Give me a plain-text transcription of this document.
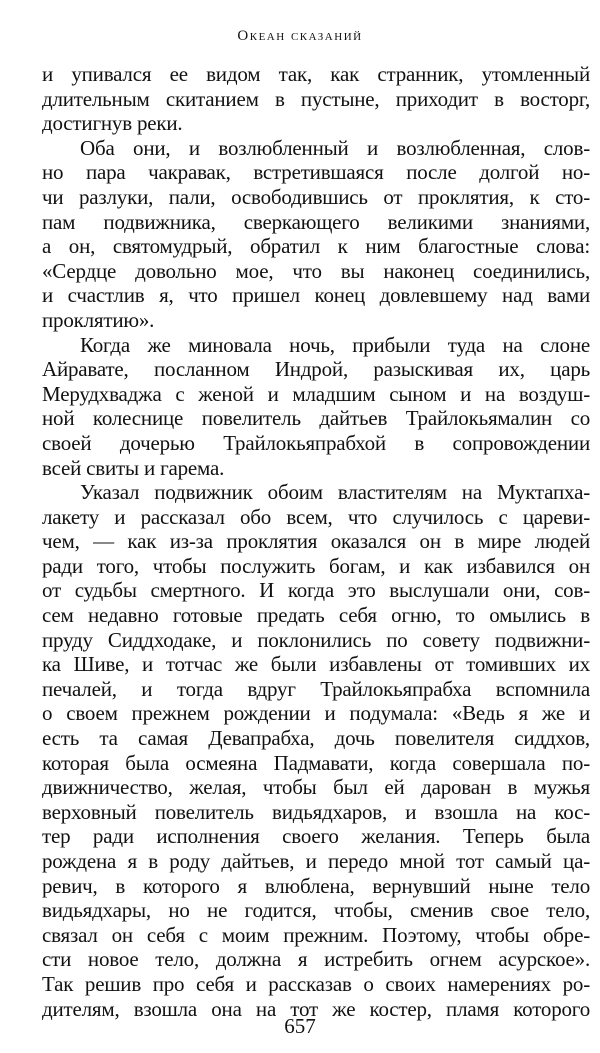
Океан сказаний
и упивался ее видом так, как странник, утомленный
длительным скитанием в пустыне, приходит в восторг,
достигнув реки.
Оба они, и возлюбленный и возлюбленная, слов-
но пара чакравак, встретившаяся после долгой но-
чи разлуки, пали, освободившись от проклятия, к сто-
пам подвижника, сверкающего великими знаниями,
а он, святомудрый, обратил к ним благостные слова:
«Сердце довольно мое, что вы наконец соединились,
и счастлив я, что пришел конец довлевшему над вами
проклятию».
Когда же миновала ночь, прибыли туда на слоне
Айравате, посланном Индрой, разыскивая их, царь
Мерудхваджа с женой и младшим сыном и на воздуш-
ной колеснице повелитель дайтьев Трайлокьямалин со
своей дочерью Трайлокьяпрабхой в сопровождении
всей свиты и гарема.
Указал подвижник обоим властителям на Муктапха-
лакету и рассказал обо всем, что случилось с цареви-
чем, — как из-за проклятия оказался он в мире людей
ради того, чтобы послужить богам, и как избавился он
от судьбы смертного. И когда это выслушали они, сов-
сем недавно готовые предать себя огню, то омылись в
пруду Сиддходаке, и поклонились по совету подвижни-
ка Шиве, и тотчас же были избавлены от томивших их
печалей, и тогда вдруг Трайлокьяпрабха вспомнила
о своем прежнем рождении и подумала: «Ведь я же и
есть та самая Девапрабха, дочь повелителя сиддхов,
которая была осмеяна Падмавати, когда совершала по-
движничество, желая, чтобы был ей дарован в мужья
верховный повелитель видьядхаров, и взошла на кос-
тер ради исполнения своего желания. Теперь была
рождена я в роду дайтьев, и передо мной тот самый ца-
ревич, в которого я влюблена, вернувший ныне тело
видьядхары, но не годится, чтобы, сменив свое тело,
связал он себя с моим прежним. Поэтому, чтобы обре-
сти новое тело, должна я истребить огнем асурское».
Так решив про себя и рассказав о своих намерениях ро-
дителям, взошла она на тот же костер, пламя которого
657
